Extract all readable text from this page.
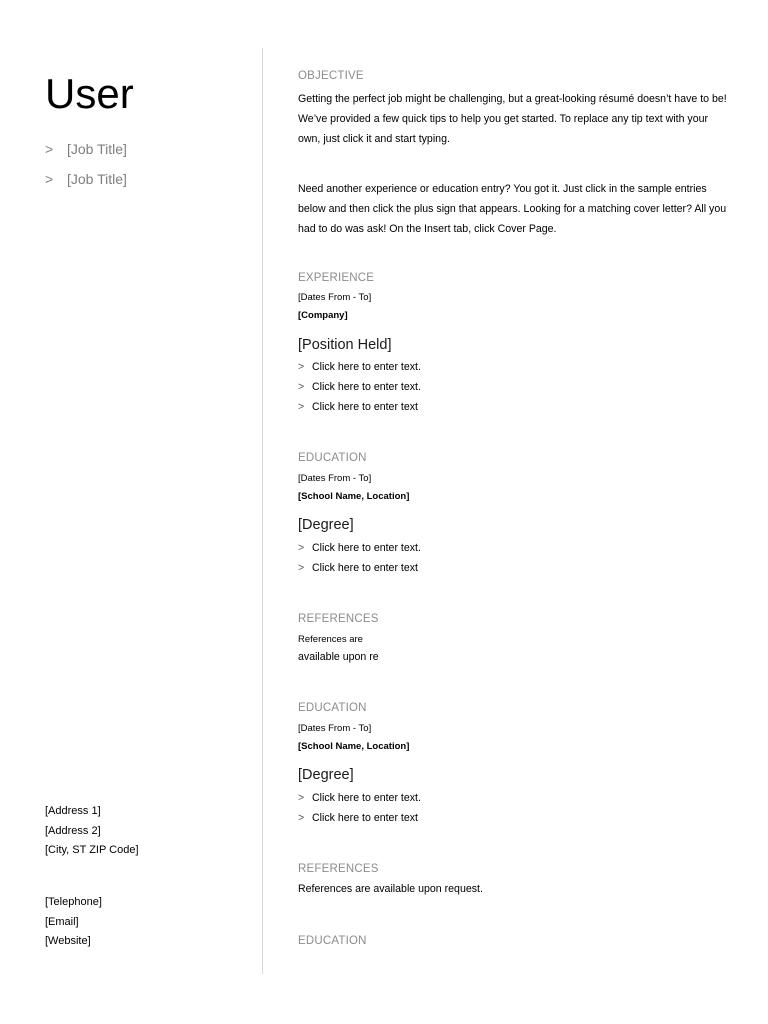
User
> [Job Title]
> [Job Title]
[Address 1]
[Address 2]
[City, ST ZIP Code]
[Telephone]
[Email]
[Website]
OBJECTIVE
Getting the perfect job might be challenging, but a great-looking résumé doesn’t have to be! We’ve provided a few quick tips to help you get started. To replace any tip text with your own, just click it and start typing.
Need another experience or education entry? You got it. Just click in the sample entries below and then click the plus sign that appears. Looking for a matching cover letter? All you had to do was ask! On the Insert tab, click Cover Page.
EXPERIENCE
[Dates From - To]
[Company]
[Position Held]
> Click here to enter text.
> Click here to enter text.
> Click here to enter text
EDUCATION
[Dates From - To]
[School Name, Location]
[Degree]
> Click here to enter text.
> Click here to enter text
REFERENCES
References are
available upon re
EDUCATION
[Dates From - To]
[School Name, Location]
[Degree]
> Click here to enter text.
> Click here to enter text
REFERENCES
References are available upon request.
EDUCATION
